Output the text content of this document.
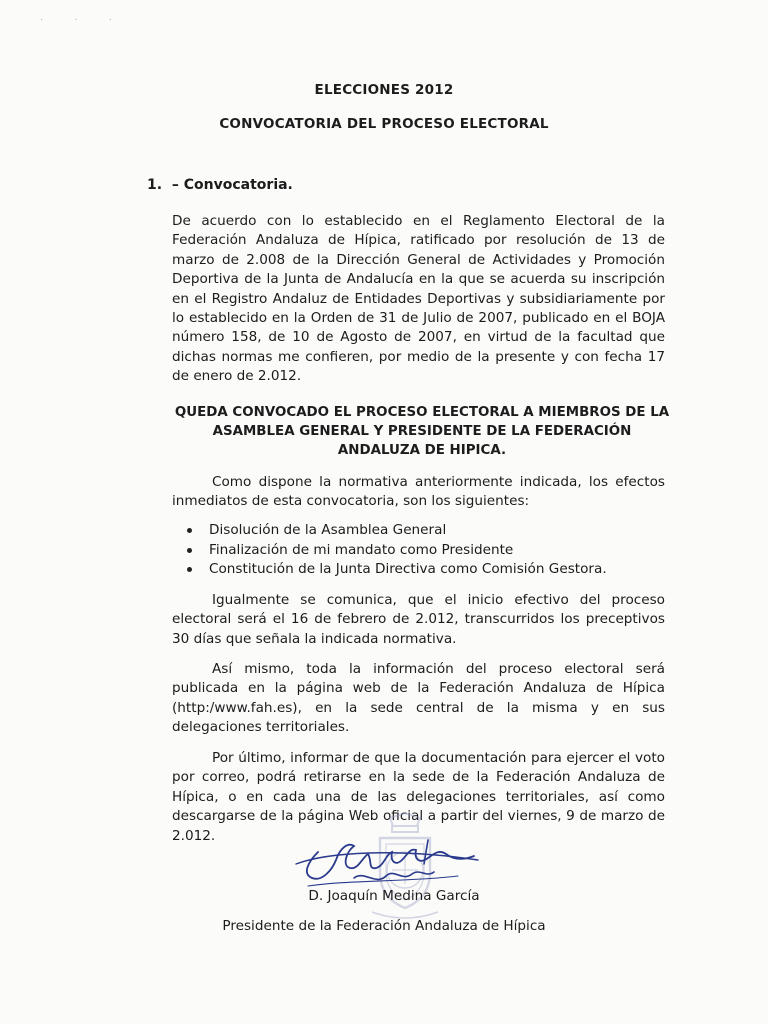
· · ·
ELECCIONES 2012
CONVOCATORIA DEL PROCESO ELECTORAL
1. – Convocatoria.

De acuerdo con lo establecido en el Reglamento Electoral de la Federación Andaluza de Hípica, ratificado por resolución de 13 de marzo de 2.008 de la Dirección General de Actividades y Promoción Deportiva de la Junta de Andalucía en la que se acuerda su inscripción en el Registro Andaluz de Entidades Deportivas y subsidiariamente por lo establecido en la Orden de 31 de Julio de 2007, publicado en el BOJA número 158, de 10 de Agosto de 2007, en virtud de la facultad que dichas normas me confieren, por medio de la presente y con fecha 17 de enero de 2.012.

QUEDA CONVOCADO EL PROCESO ELECTORAL A MIEMBROS DE LA ASAMBLEA GENERAL Y PRESIDENTE DE LA FEDERACIÓN ANDALUZA DE HIPICA.

Como dispone la normativa anteriormente indicada, los efectos inmediatos de esta convocatoria, son los siguientes:

Disolución de la Asamblea General
Finalización de mi mandato como Presidente
Constitución de la Junta Directiva como Comisión Gestora.

Igualmente se comunica, que el inicio efectivo del proceso electoral será el 16 de febrero de 2.012, transcurridos los preceptivos 30 días que señala la indicada normativa.

Así mismo, toda la información del proceso electoral será publicada en la página web de la Federación Andaluza de Hípica (http:/www.fah.es), en la sede central de la misma y en sus delegaciones territoriales.

Por último, informar de que la documentación para ejercer el voto por correo, podrá retirarse en la sede de la Federación Andaluza de Hípica, o en cada una de las delegaciones territoriales, así como descargarse de la página Web oficial a partir del viernes, 9 de marzo de 2.012.

D. Joaquín Medina García
Presidente de la Federación Andaluza de Hípica
